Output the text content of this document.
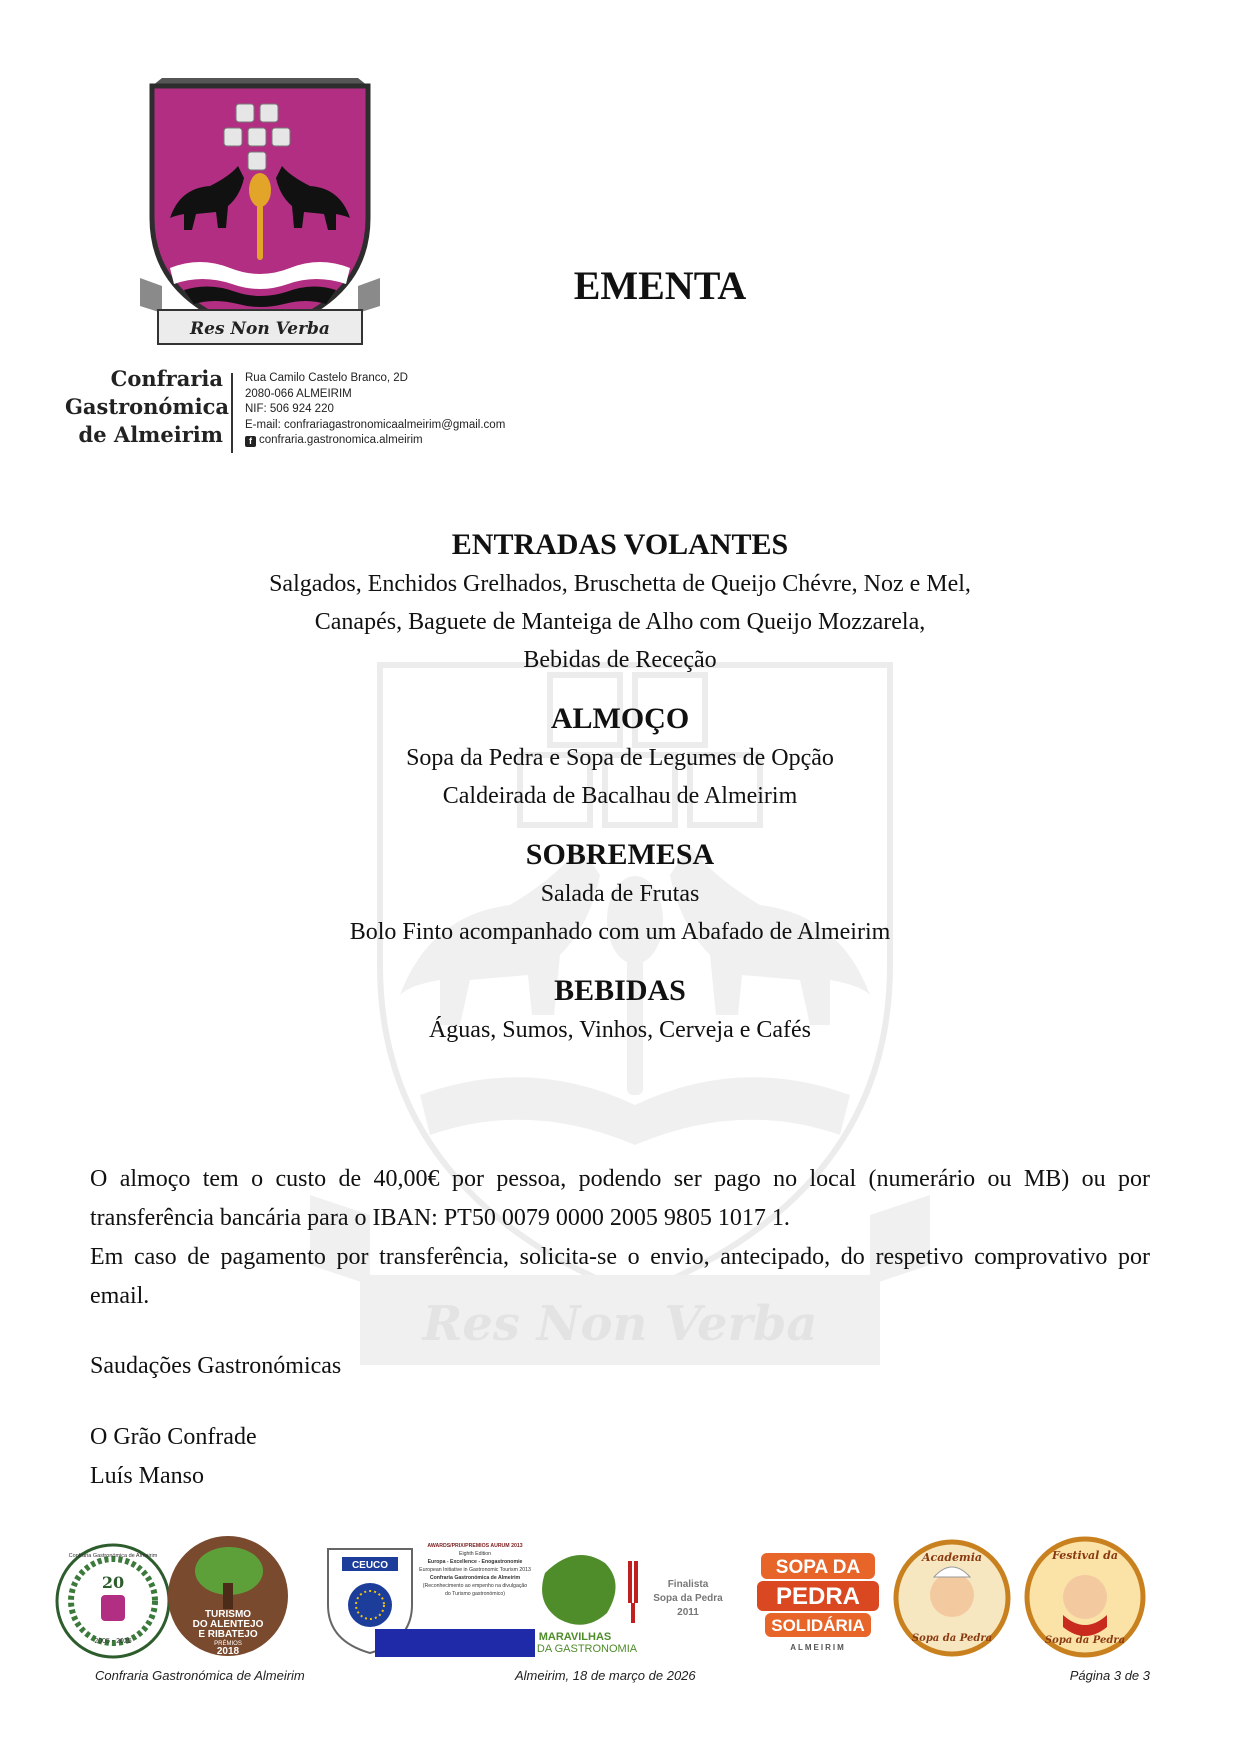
Res Non Verba
EMENTA
Confraria
Gastronómica
de Almeirim
Rua Camilo Castelo Branco, 2D
2080-066 ALMEIRIM
NIF: 506 924 220
E-mail: confrariagastronomicaalmeirim@gmail.com
f confraria.gastronomica.almeirim
Res Non Verba
ENTRADAS VOLANTES
Salgados, Enchidos Grelhados, Bruschetta de Queijo Chévre, Noz e Mel,
Canapés, Baguete de Manteiga de Alho com Queijo Mozzarela,
Bebidas de Receção
ALMOÇO
Sopa da Pedra e Sopa de Legumes de Opção
Caldeirada de Bacalhau de Almeirim
SOBREMESA
Salada de Frutas
Bolo Finto acompanhado com um Abafado de Almeirim
BEBIDAS
Águas, Sumos, Vinhos, Cerveja e Cafés

O almoço tem o custo de 40,00€ por pessoa, podendo ser pago no local (numerário ou MB) ou por transferência bancária para o IBAN: PT50 0079 0000 2005 9805 1017 1.

Em caso de pagamento por transferência, solicita-se o envio, antecipado, do respetivo comprovativo por email.

Saudações Gastronómicas

O Grão Confrade
Luís Manso
20
2005 - 2025
Confraria Gastronómica de Almeirim
TURISMO
DO ALENTEJO
E RIBATEJO
PRÉMIOS
2018
CEUCO
AWARDS/PRIX/PREMIOS AURUM 2013
Eighth Edition
Europa - Excellence - Enogastronomie
European Initiative in Gastronomic Tourism 2013
Confraria Gastronómica de Almeirim
(Reconhecimento ao empenho na divulgação
do Turismo gastronómico)
MARAVILHAS
DA GASTRONOMIA
Finalista
Sopa da Pedra
2011
SOPA DA
PEDRA
SOLIDÁRIA
ALMEIRIM
Academia
Sopa da Pedra
Festival da
Sopa da Pedra
Confraria Gastronómica de Almeirim	Almeirim, 18 de março de 2026	Página 3 de 3
